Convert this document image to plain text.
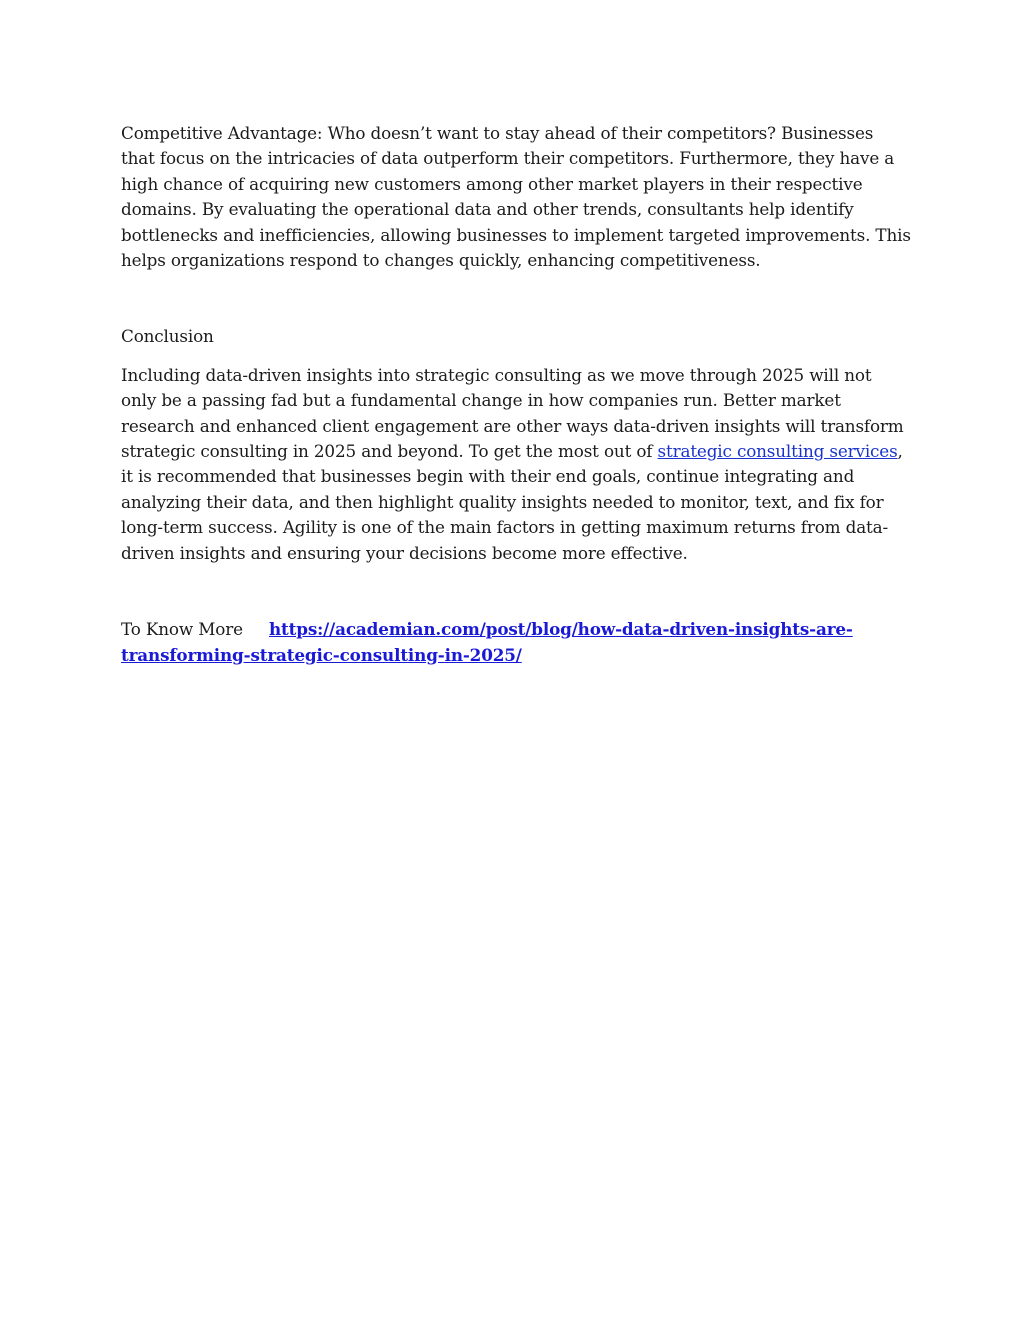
Competitive Advantage: Who doesn’t want to stay ahead of their competitors? Businesses that focus on the intricacies of data outperform their competitors. Furthermore, they have a high chance of acquiring new customers among other market players in their respective domains. By evaluating the operational data and other trends, consultants help identify bottlenecks and inefficiencies, allowing businesses to implement targeted improvements. This helps organizations respond to changes quickly, enhancing competitiveness.

Conclusion

Including data-driven insights into strategic consulting as we move through 2025 will not only be a passing fad but a fundamental change in how companies run. Better market research and enhanced client engagement are other ways data-driven insights will transform strategic consulting in 2025 and beyond. To get the most out of strategic consulting services, it is recommended that businesses begin with their end goals, continue integrating and analyzing their data, and then highlight quality insights needed to monitor, text, and fix for long-term success. Agility is one of the main factors in getting maximum returns from data-driven insights and ensuring your decisions become more effective.

To Know More https://academian.com/post/blog/how-data-driven-insights-are-transforming-strategic-consulting-in-2025/
